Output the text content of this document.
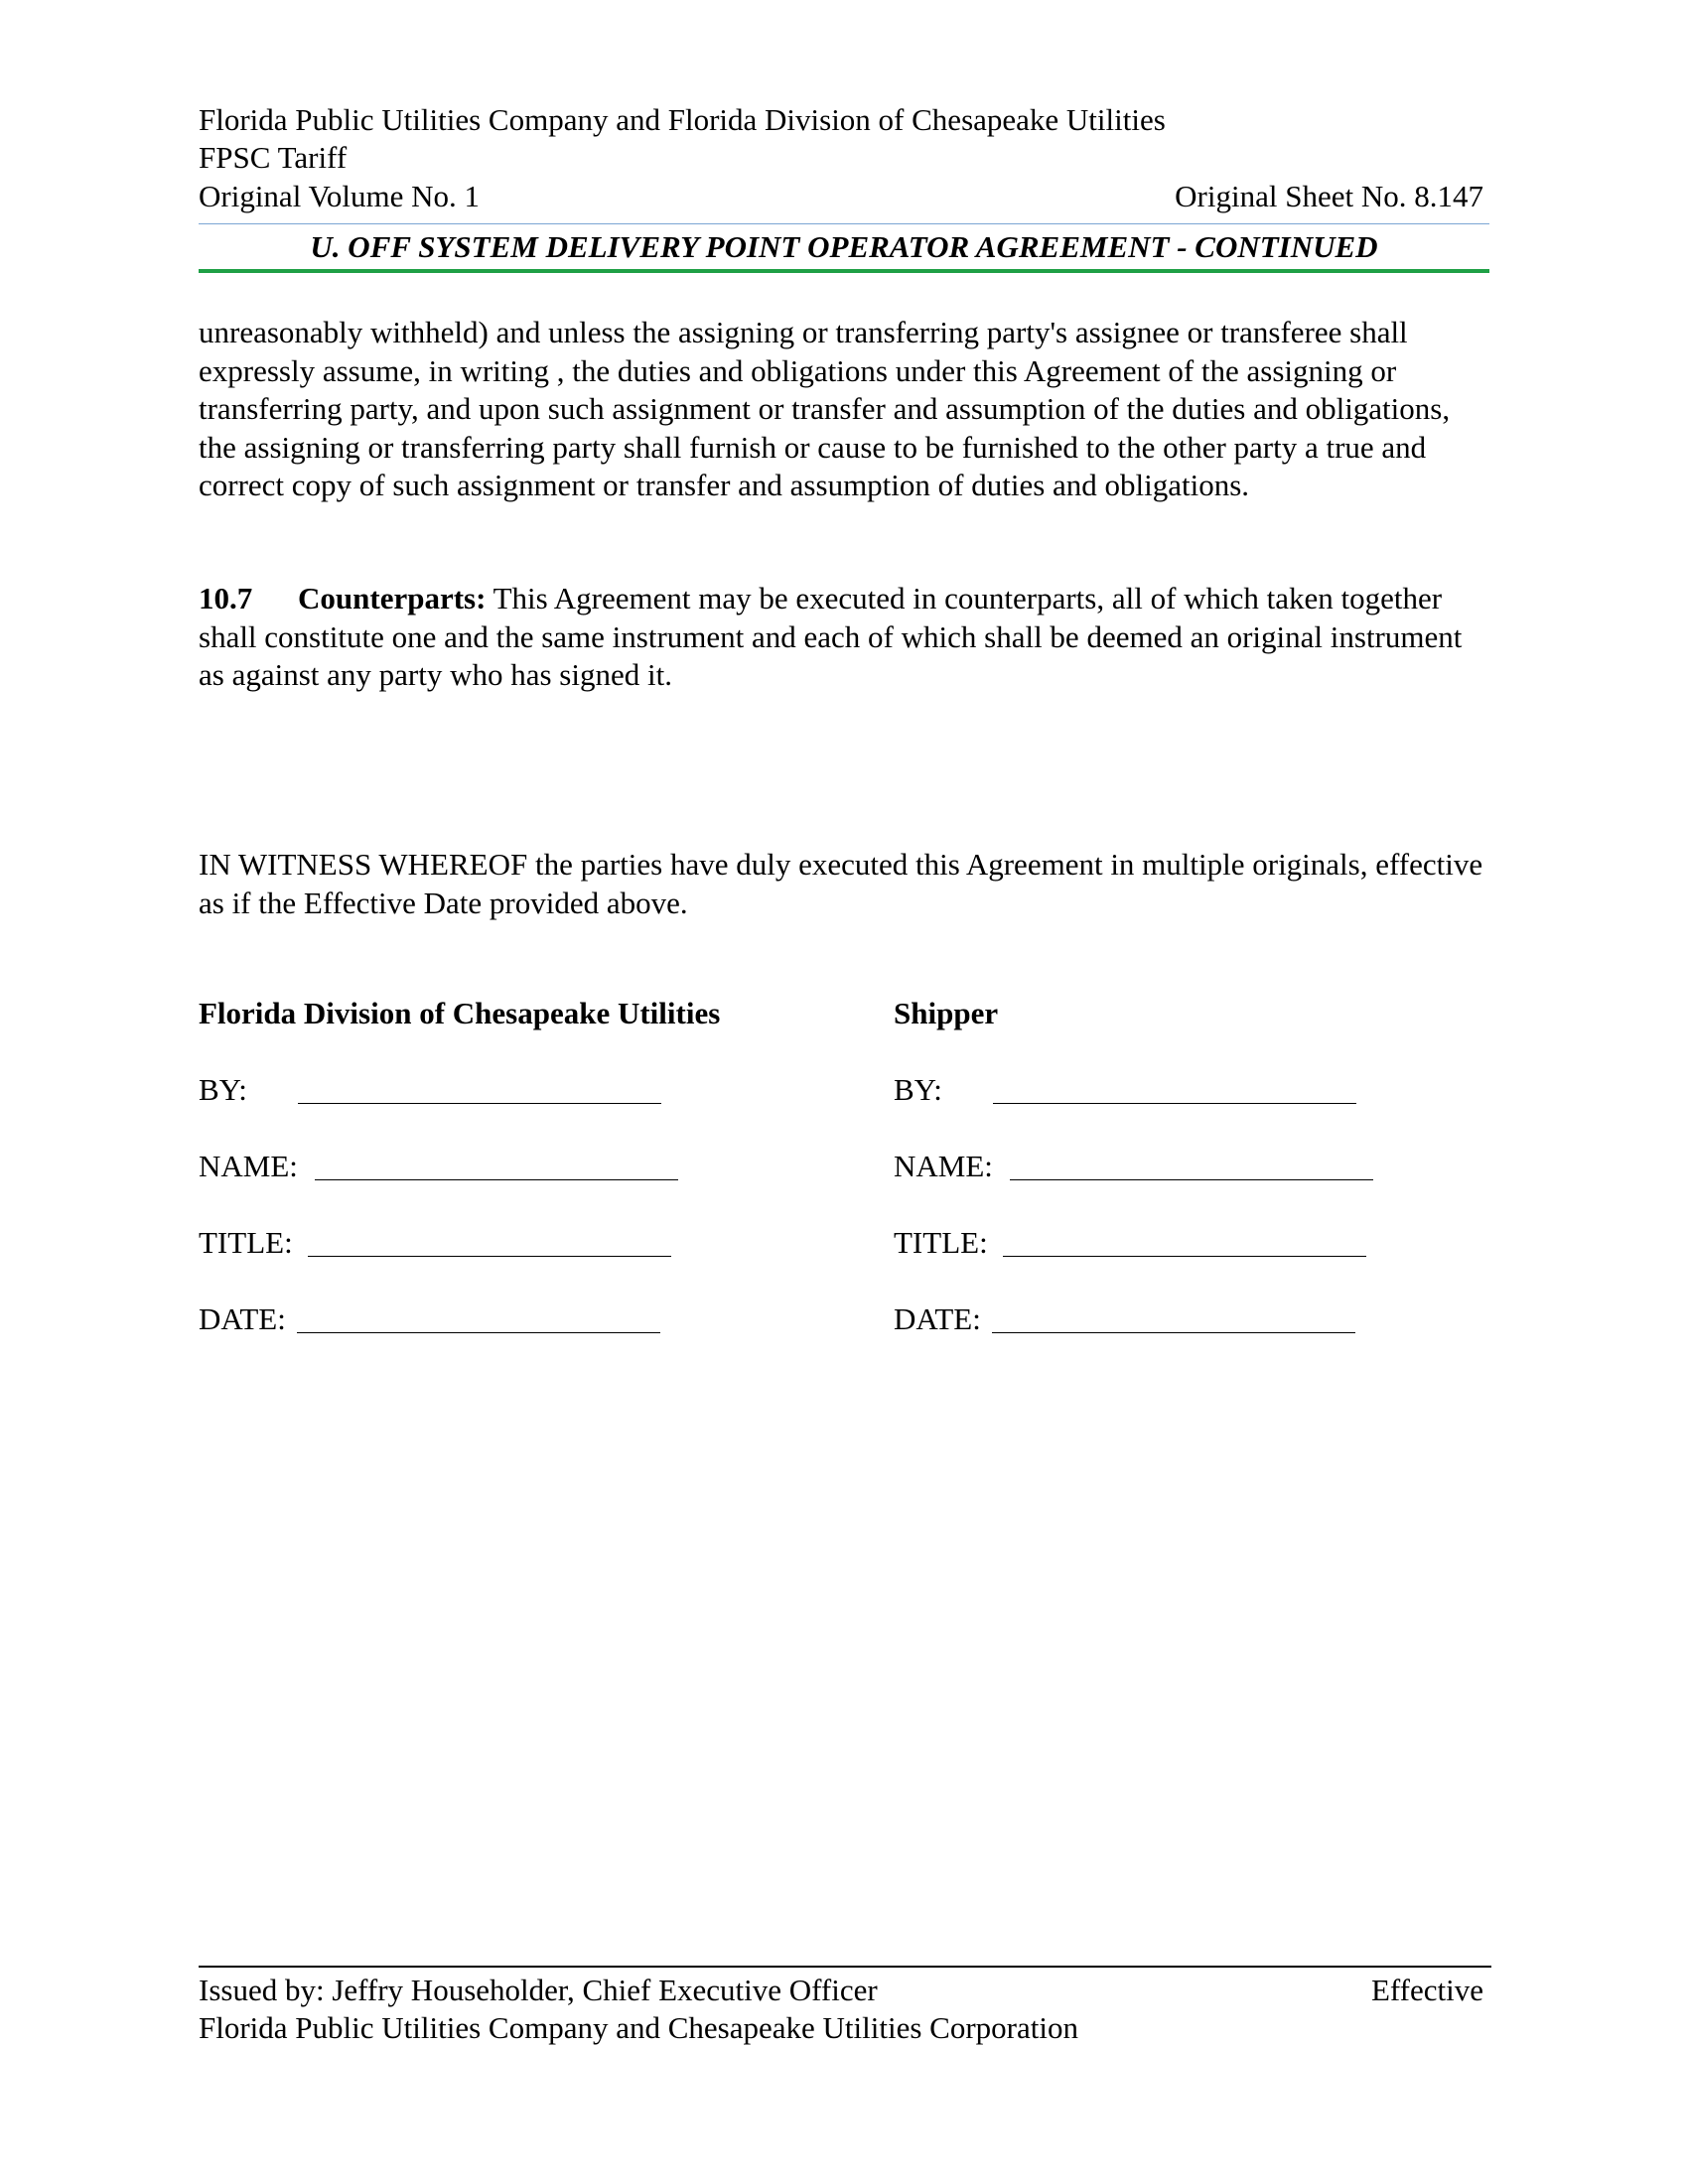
Florida Public Utilities Company and Florida Division of Chesapeake Utilities
FPSC Tariff
Original Volume No. 1	Original Sheet No. 8.147
U. OFF SYSTEM DELIVERY POINT OPERATOR AGREEMENT - CONTINUED
unreasonably withheld) and unless the assigning or transferring party's assignee or transferee shall expressly assume, in writing , the duties and obligations under this Agreement of the assigning or transferring party, and upon such assignment or transfer and assumption of the duties and obligations, the assigning or transferring party shall furnish or cause to be furnished to the other party a true and correct copy of such assignment or transfer and assumption of duties and obligations.
10.7 Counterparts: This Agreement may be executed in counterparts, all of which taken together shall constitute one and the same instrument and each of which shall be deemed an original instrument as against any party who has signed it.
IN WITNESS WHEREOF the parties have duly executed this Agreement in multiple originals, effective as if the Effective Date provided above.
Florida Division of Chesapeake Utilities
BY:
NAME:
TITLE:
DATE:
Shipper
BY:
NAME:
TITLE:
DATE:
Issued by: Jeffry Householder, Chief Executive Officer	Effective
Florida Public Utilities Company and Chesapeake Utilities Corporation
